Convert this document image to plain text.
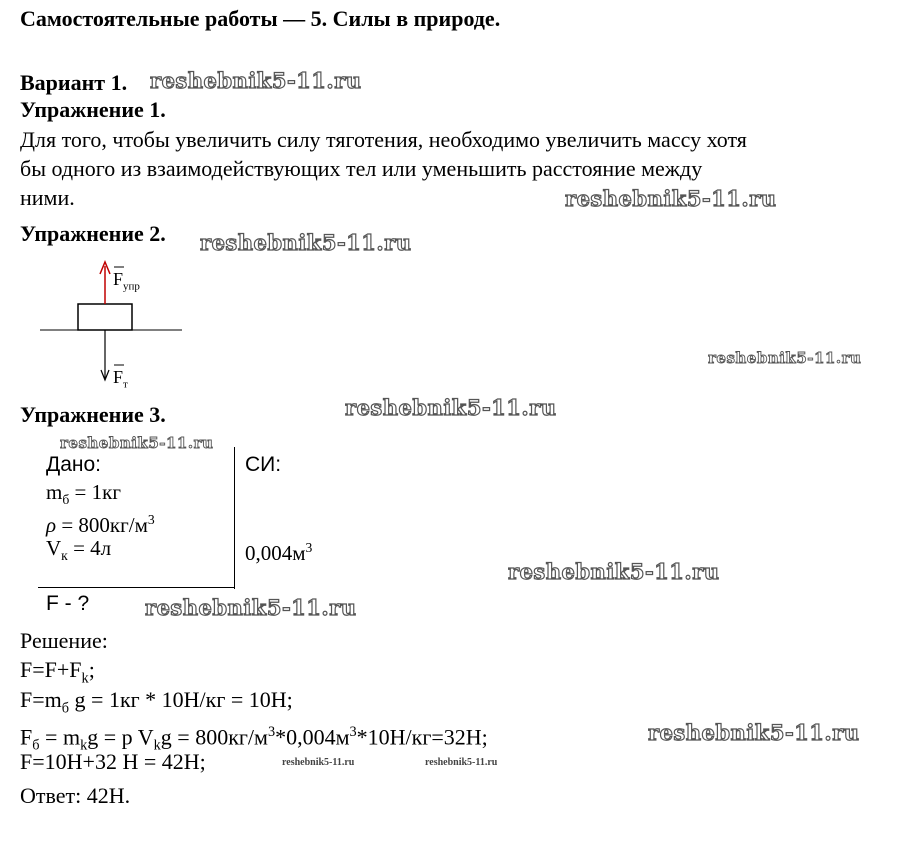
Самостоятельные работы — 5. Силы в природе.
Вариант 1. reshebnik5-11.ru
Упражнение 1.
Для того, чтобы увеличить силу тяготения, необходимо увеличить массу хотя
бы одного из взаимодействующих тел или уменьшить расстояние между
ними.	reshebnik5-11.ru
Упражнение 2. reshebnik5-11.ru
$F_{упр}$
$F_т$
reshebnik5-11.ru
Упражнение 3.	reshebnik5-11.ru
reshebnik5-11.ru
Дано:	СИ:
$m_б = 1кг$
$\rho = 800кг/м^3$
$V_к = 4л$	$0,004м^3$
F - ?	reshebnik5-11.ru
reshebnik5-11.ru
Решение:
$F=F+F_k$;
$F=m_б$ g = 1кг * 10Н/кг = 10Н;
$F_б = m_kg = p$ $V_kg = 800кг/м^3*0,004м^3*10Н/кг=32Н$;	reshebnik5-11.ru
F=10Н+32 Н = 42Н;	reshebnik5-11.ru	reshebnik5-11.ru
Ответ: 42Н.
